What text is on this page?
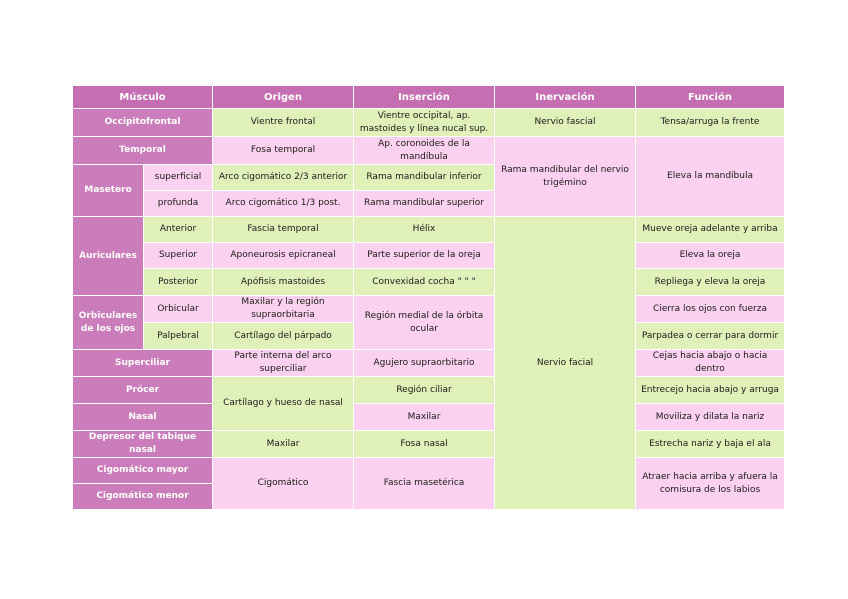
Músculo		Origen	Inserción	Inervación	Función
Occipitofrontal		Vientre frontal	Vientre occipital, ap. mastoides y línea nucal sup.	Nervio fascial	Tensa/arruga la frente
Temporal		Fosa temporal	Ap. coronoides de la mandíbula	Rama mandibular del nervio trigémino	Eleva la mandíbula
Masetero	superficial	Arco cigomático 2/3 anterior	Rama mandibular inferior		
	profunda	Arco cigomático 1/3 post.	Rama mandibular superior		
Auriculares	Anterior	Fascia temporal	Hélix	Nervio facial	Mueve oreja adelante y arriba
	Superior	Aponeurosis epicraneal	Parte superior de la oreja		Eleva la oreja
	Posterior	Apófisis mastoides	Convexidad cocha " " "		Repliega y eleva la oreja
Orbiculares de los ojos	Orbicular	Maxilar y la región supraorbitaria	Región medial de la órbita ocular		Cierra los ojos con fuerza
	Palpebral	Cartílago del párpado			Parpadea o cerrar para dormir
Superciliar		Parte interna del arco superciliar	Agujero supraorbitario		Cejas hacia abajo o hacia dentro
Prócer		Cartílago y hueso de nasal	Región ciliar		Entrecejo hacia abajo y arruga
Nasal			Maxilar		Moviliza y dilata la nariz
Depresor del tabique nasal		Maxilar	Fosa nasal		Estrecha nariz y baja el ala
Cigomático mayor		Cigomático	Fascia masetérica		Atraer hacia arriba y afuera la comisura de los labios
Cigomático menor					
